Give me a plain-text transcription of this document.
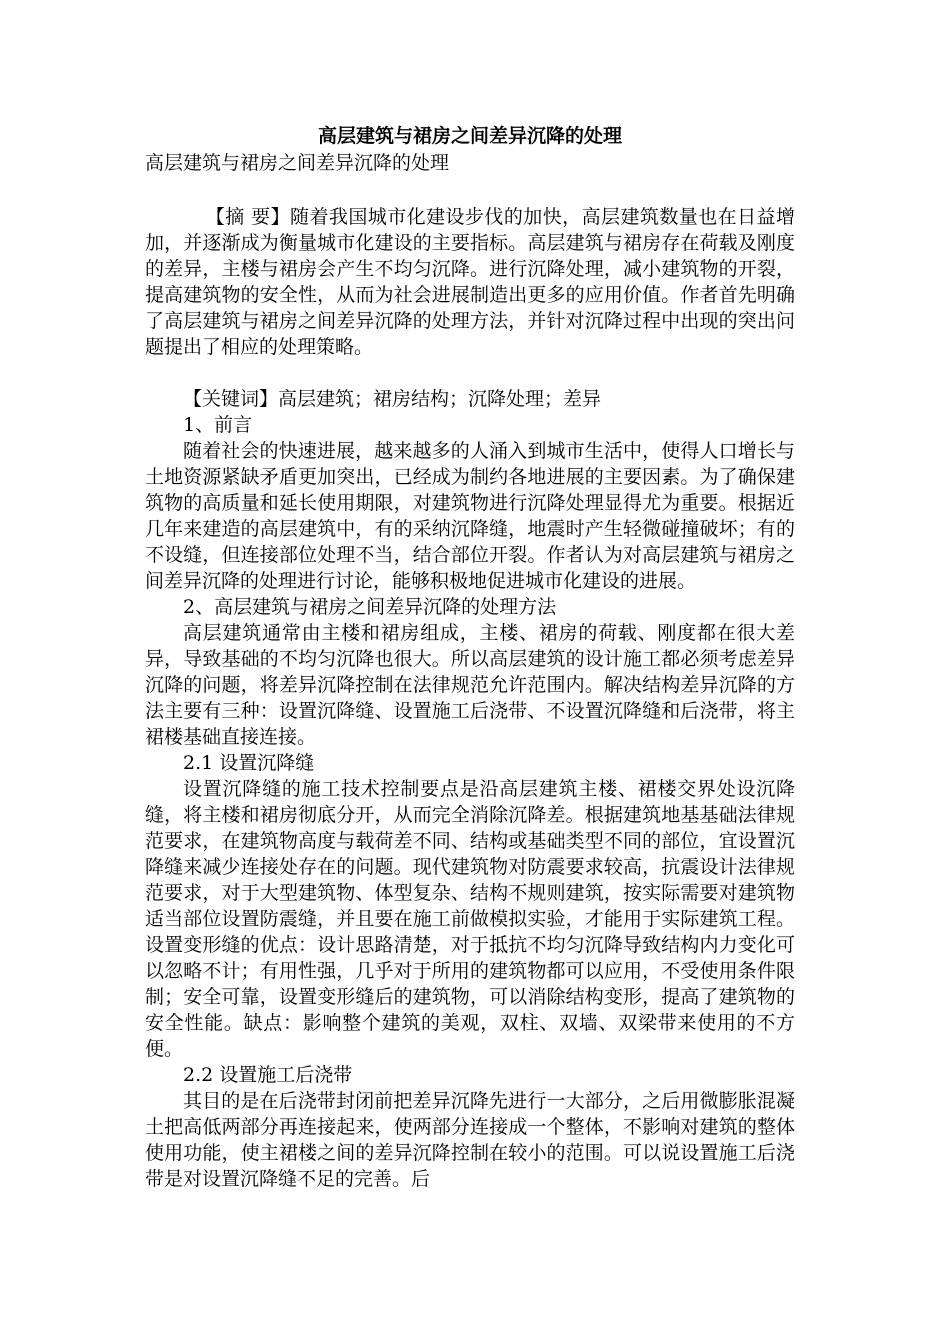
高层建筑与裙房之间差异沉降的处理

高层建筑与裙房之间差异沉降的处理

【摘 要】随着我国城市化建设步伐的加快，高层建筑数量也在日益增加，并逐渐成为衡量城市化建设的主要指标。高层建筑与裙房存在荷载及刚度的差异，主楼与裙房会产生不均匀沉降。进行沉降处理，减小建筑物的开裂，提高建筑物的安全性，从而为社会进展制造出更多的应用价值。作者首先明确了高层建筑与裙房之间差异沉降的处理方法，并针对沉降过程中出现的突出问题提出了相应的处理策略。

【关键词】高层建筑；裙房结构；沉降处理；差异

1、前言

随着社会的快速进展，越来越多的人涌入到城市生活中，使得人口增长与土地资源紧缺矛盾更加突出，已经成为制约各地进展的主要因素。为了确保建筑物的高质量和延长使用期限，对建筑物进行沉降处理显得尤为重要。根据近几年来建造的高层建筑中，有的采纳沉降缝，地震时产生轻微碰撞破坏；有的不设缝，但连接部位处理不当，结合部位开裂。作者认为对高层建筑与裙房之间差异沉降的处理进行讨论，能够积极地促进城市化建设的进展。

2、高层建筑与裙房之间差异沉降的处理方法

高层建筑通常由主楼和裙房组成，主楼、裙房的荷载、刚度都在很大差异，导致基础的不均匀沉降也很大。所以高层建筑的设计施工都必须考虑差异沉降的问题，将差异沉降控制在法律规范允许范围内。解决结构差异沉降的方法主要有三种：设置沉降缝、设置施工后浇带、不设置沉降缝和后浇带，将主裙楼基础直接连接。

2.1 设置沉降缝

设置沉降缝的施工技术控制要点是沿高层建筑主楼、裙楼交界处设沉降缝，将主楼和裙房彻底分开，从而完全消除沉降差。根据建筑地基基础法律规范要求，在建筑物高度与载荷差不同、结构或基础类型不同的部位，宜设置沉降缝来减少连接处存在的问题。现代建筑物对防震要求较高，抗震设计法律规范要求，对于大型建筑物、体型复杂、结构不规则建筑，按实际需要对建筑物适当部位设置防震缝，并且要在施工前做模拟实验，才能用于实际建筑工程。设置变形缝的优点：设计思路清楚，对于抵抗不均匀沉降导致结构内力变化可以忽略不计；有用性强，几乎对于所用的建筑物都可以应用，不受使用条件限制；安全可靠，设置变形缝后的建筑物，可以消除结构变形，提高了建筑物的安全性能。缺点：影响整个建筑的美观，双柱、双墙、双梁带来使用的不方便。

2.2 设置施工后浇带

其目的是在后浇带封闭前把差异沉降先进行一大部分，之后用微膨胀混凝土把高低两部分再连接起来，使两部分连接成一个整体，不影响对建筑的整体使用功能，使主裙楼之间的差异沉降控制在较小的范围。可以说设置施工后浇带是对设置沉降缝不足的完善。后
